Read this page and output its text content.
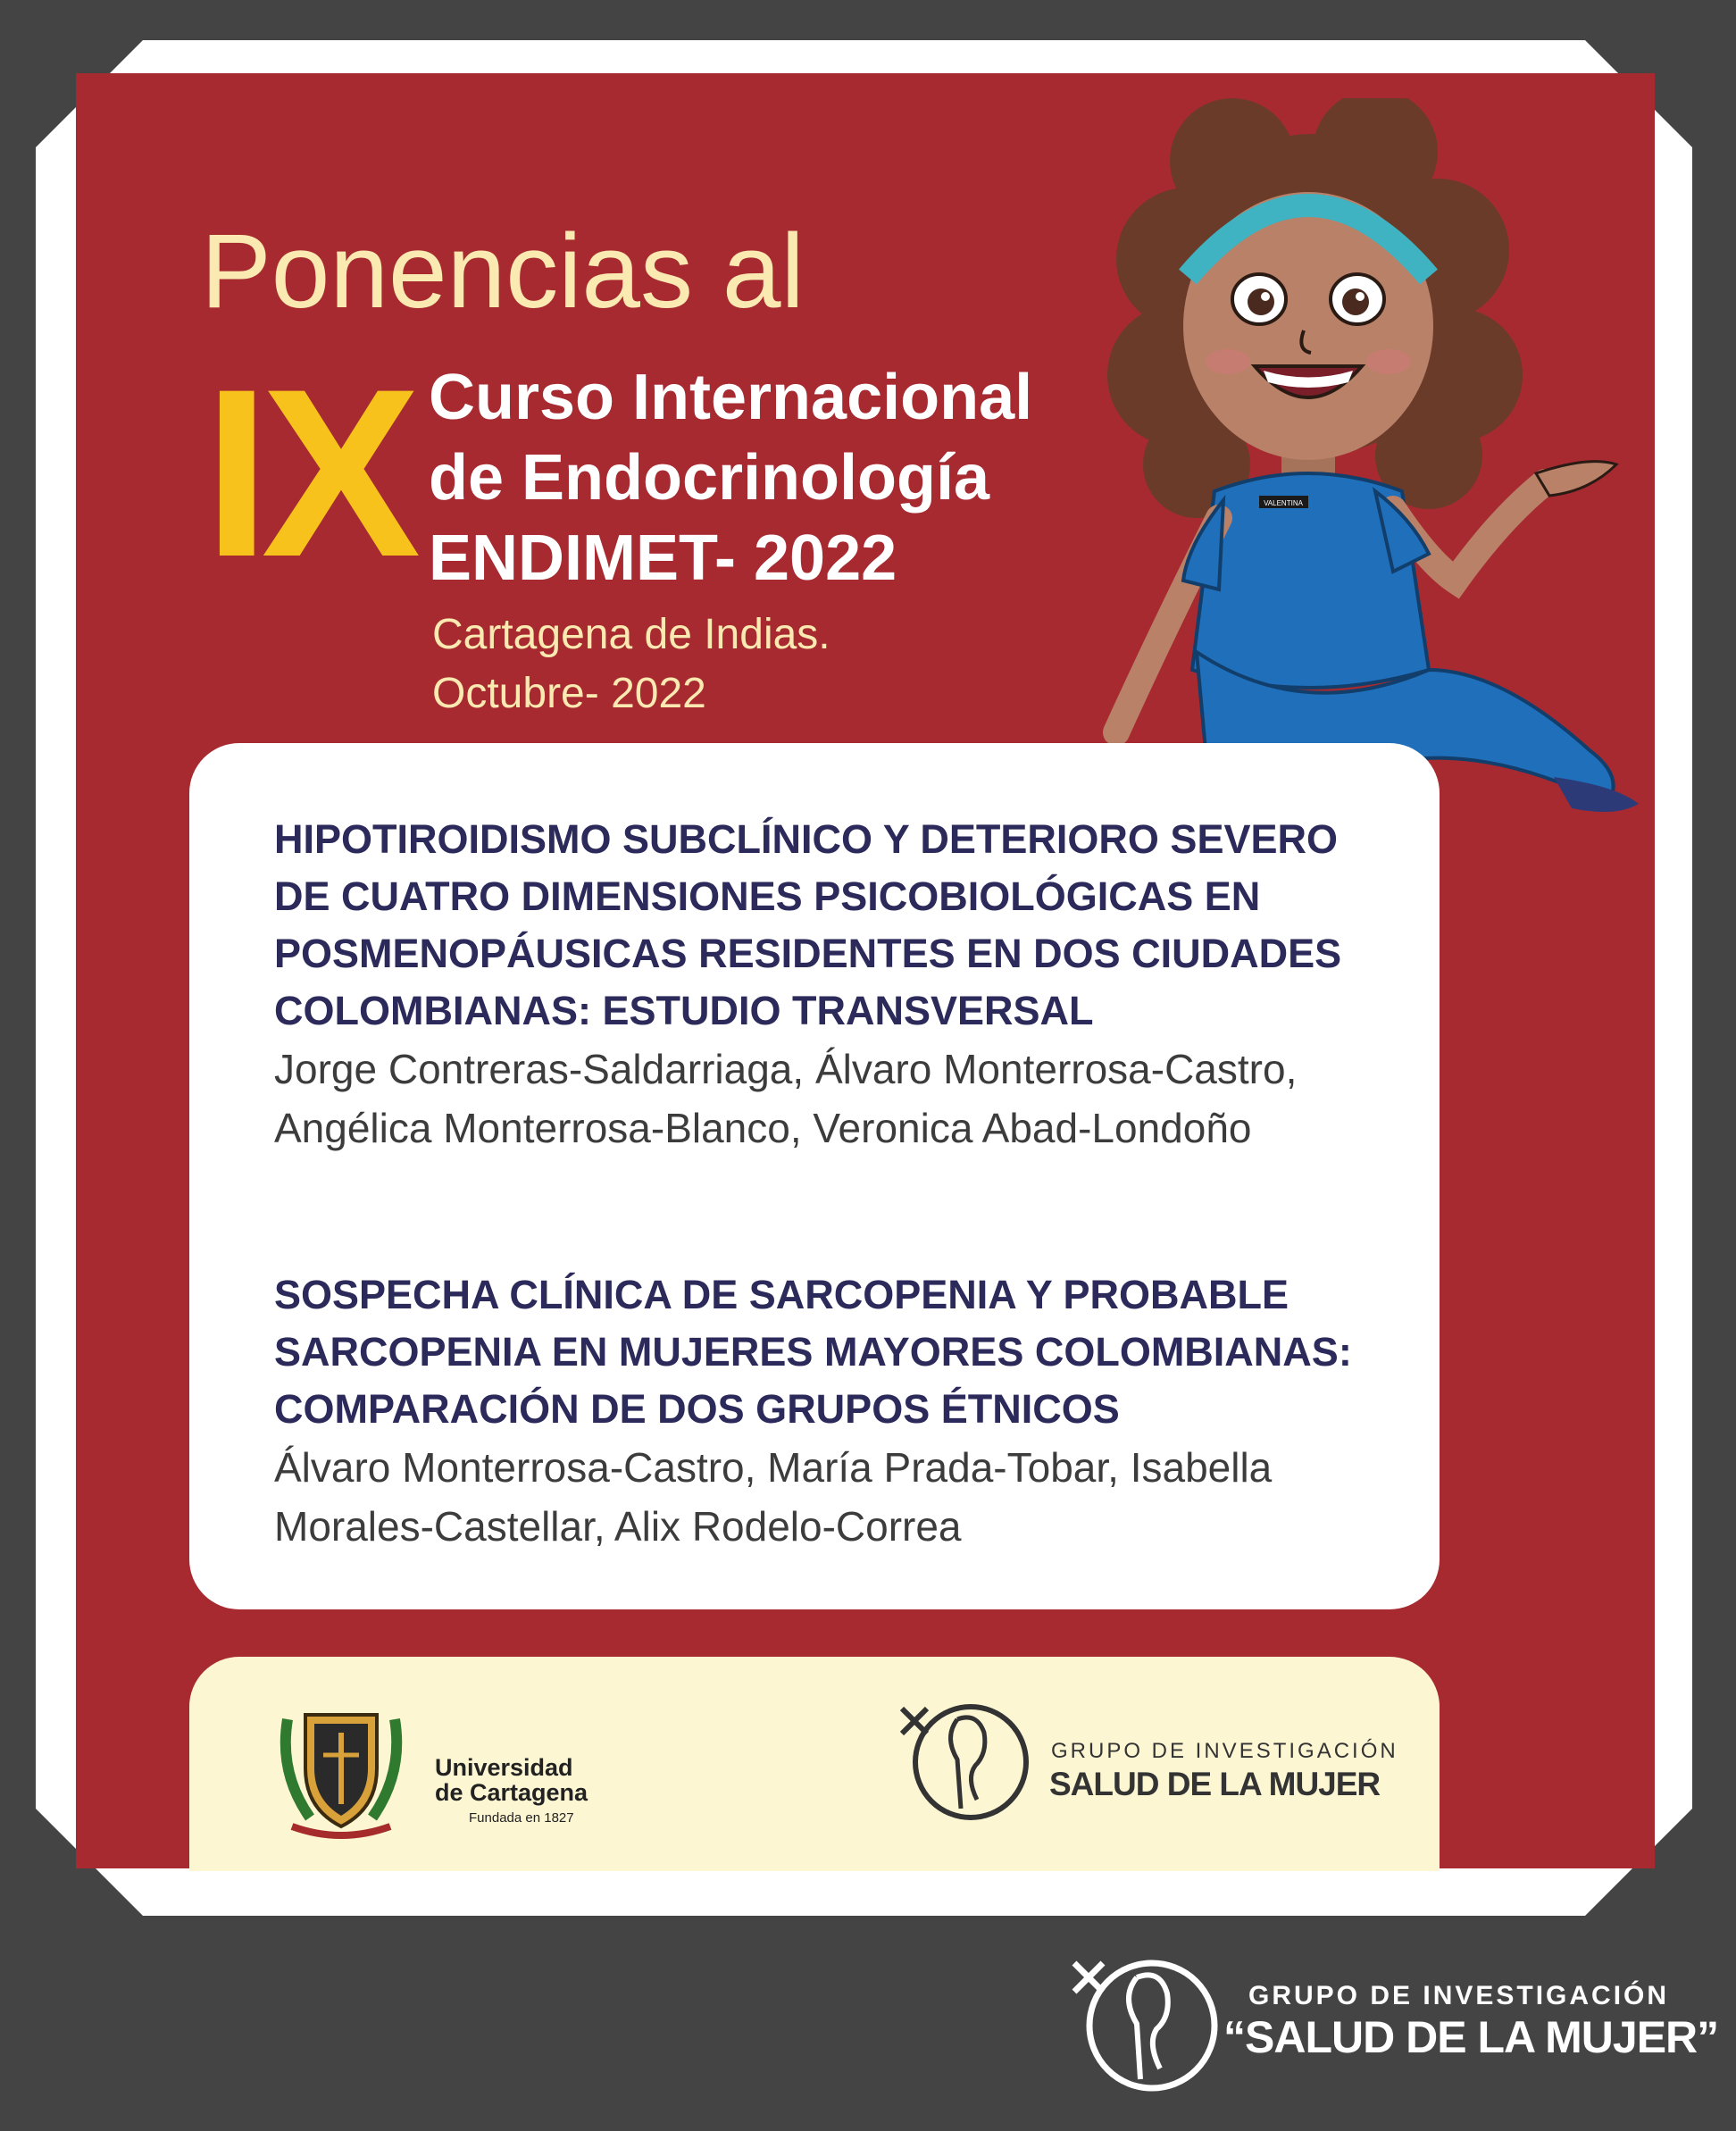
Ponencias al
IX Curso Internacional
de Endocrinología
ENDIMET- 2022
Cartagena de Indias.
Octubre- 2022
VALENTINA
HIPOTIROIDISMO SUBCLÍNICO Y DETERIORO SEVERO
DE CUATRO DIMENSIONES PSICOBIOLÓGICAS EN
POSMENOPÁUSICAS RESIDENTES EN DOS CIUDADES
COLOMBIANAS: ESTUDIO TRANSVERSAL
Jorge Contreras-Saldarriaga, Álvaro Monterrosa-Castro,
Angélica Monterrosa-Blanco, Veronica Abad-Londoño
SOSPECHA CLÍNICA DE SARCOPENIA Y PROBABLE
SARCOPENIA EN MUJERES MAYORES COLOMBIANAS:
COMPARACIÓN DE DOS GRUPOS ÉTNICOS
Álvaro Monterrosa-Castro, María Prada-Tobar, Isabella
Morales-Castellar, Alix Rodelo-Correa
Universidad
de Cartagena
Fundada en 1827
GRUPO DE INVESTIGACIÓN
SALUD DE LA MUJER
GRUPO DE INVESTIGACIÓN
“SALUD DE LA MUJER”
